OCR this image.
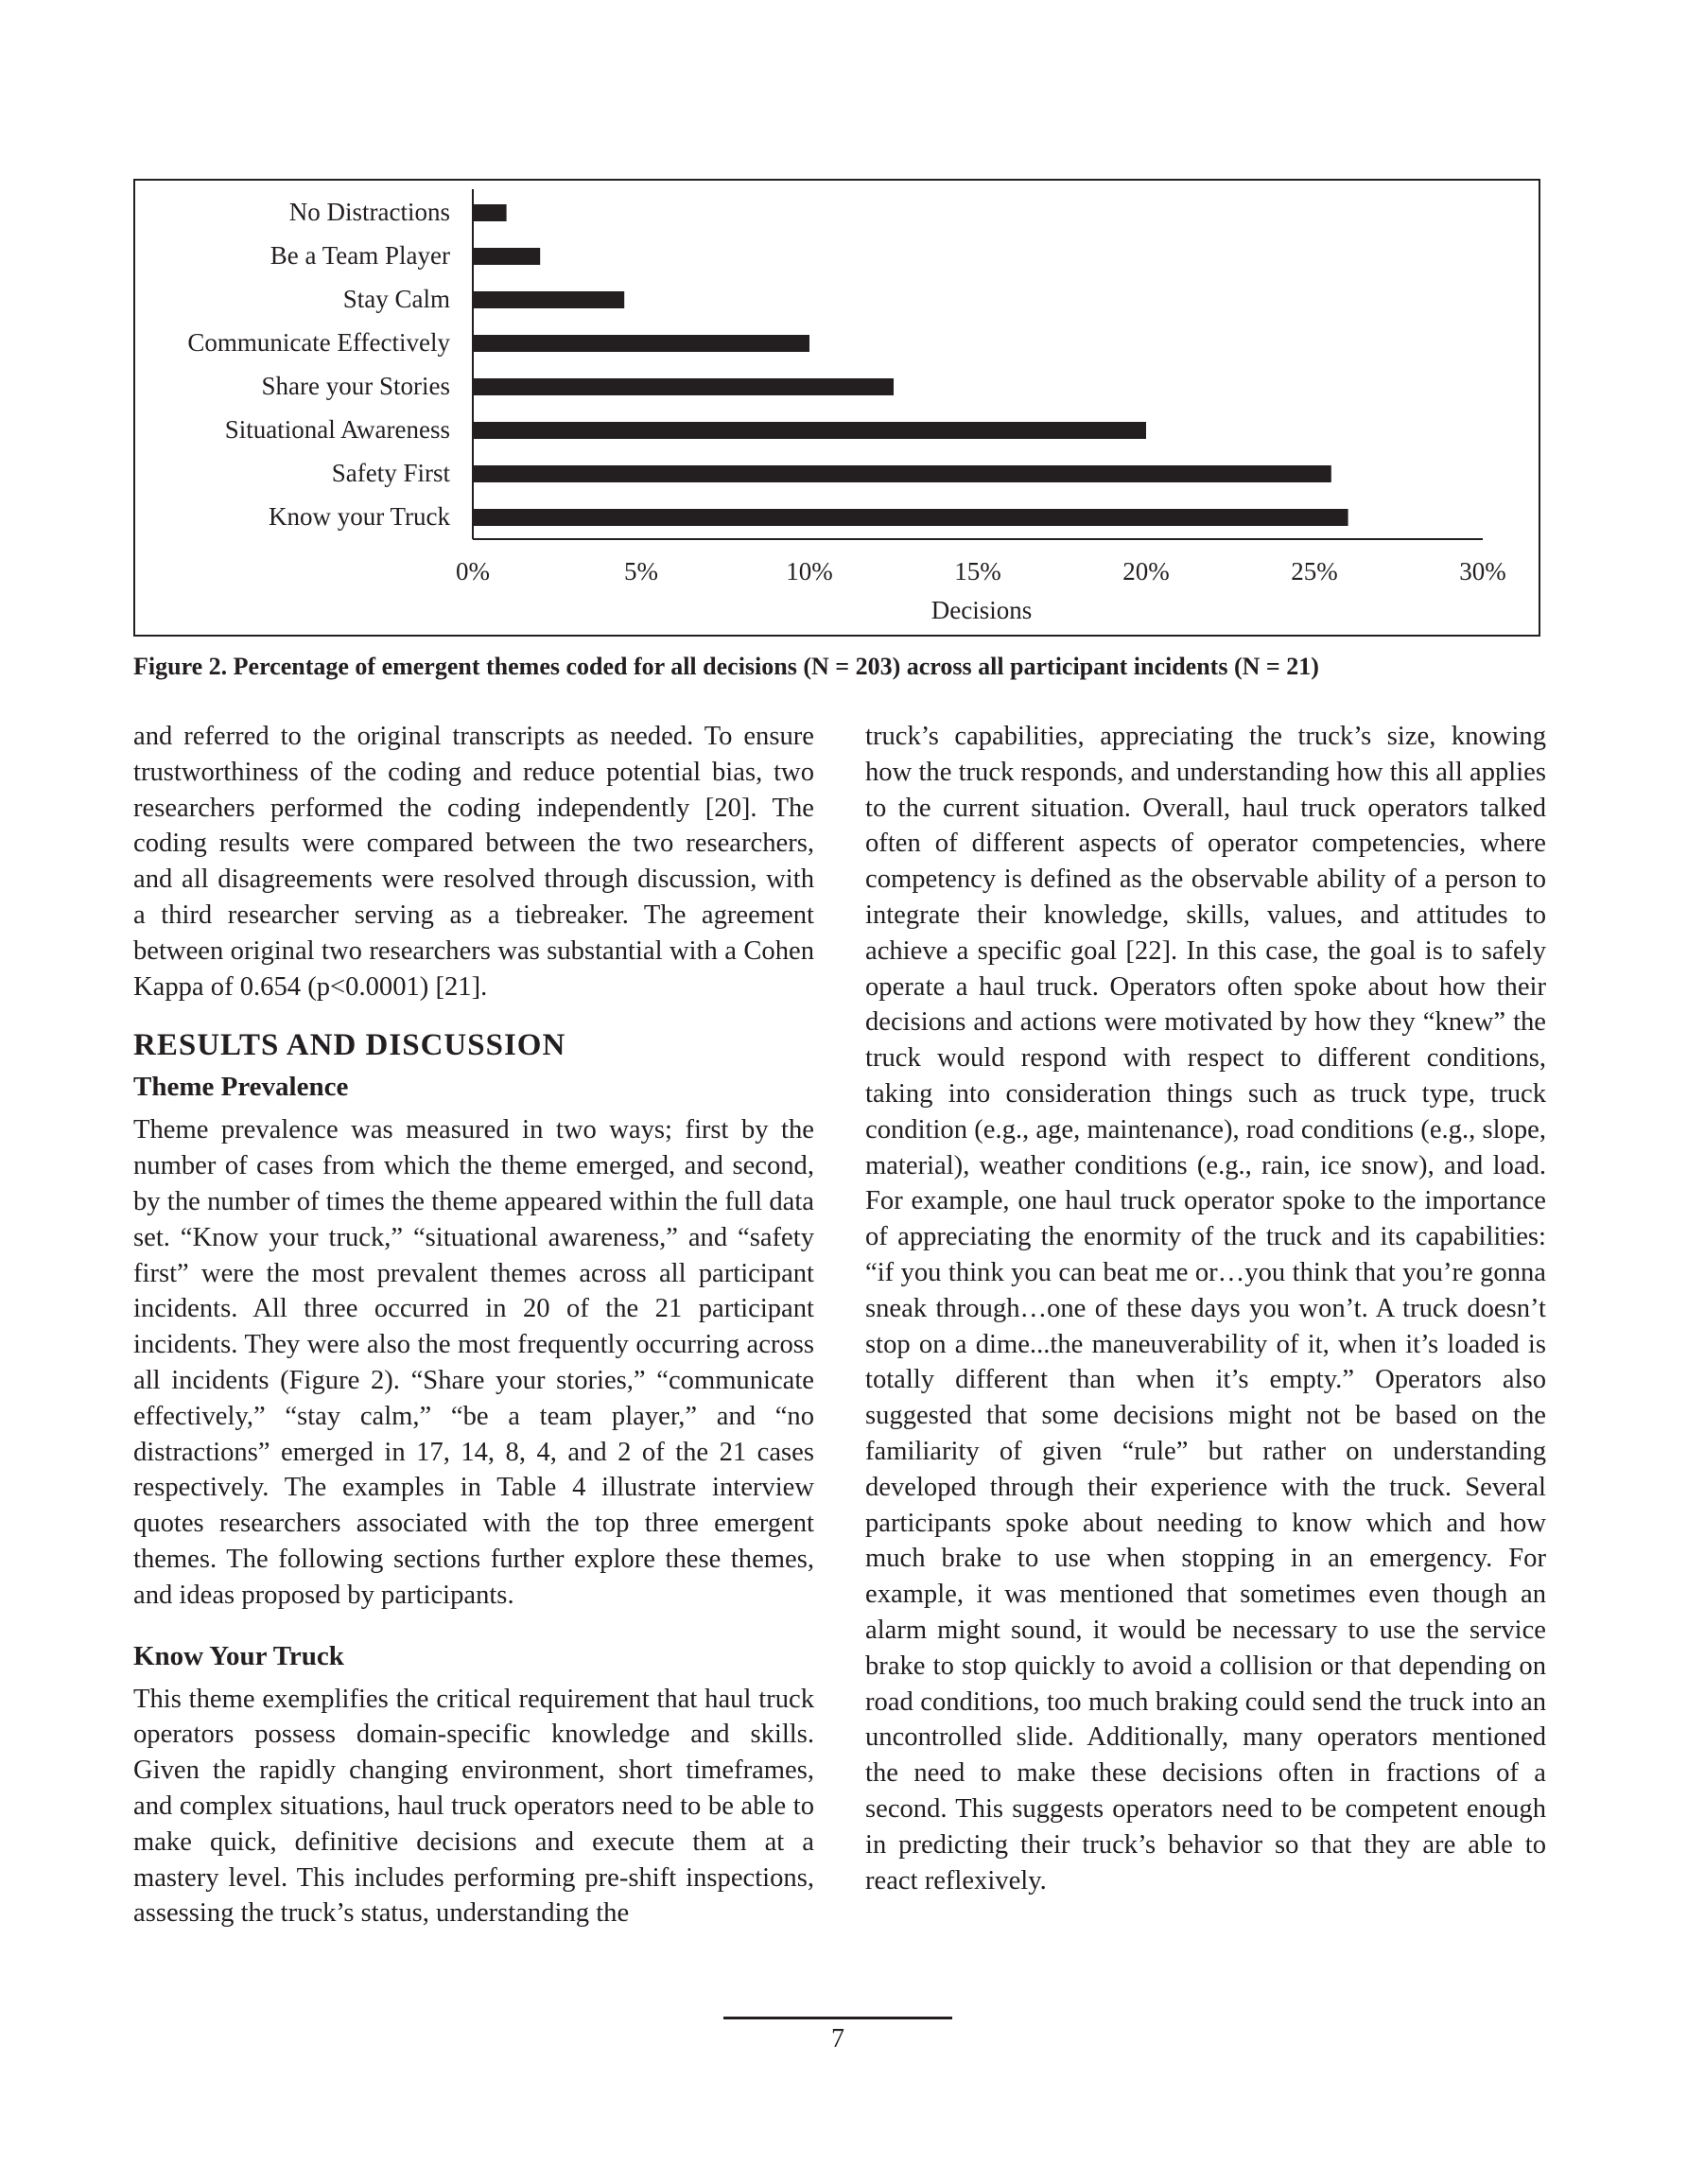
No Distractions
Be a Team Player
Stay Calm
Communicate Effectively
Share your Stories
Situational Awareness
Safety First
Know your Truck
0%	5%	10%	15%	20%	25%	30%
Decisions
Figure 2. Percentage of emergent themes coded for all decisions (N = 203) across all participant incidents (N = 21)

and referred to the original transcripts as needed. To ensure trustworthiness of the coding and reduce potential bias, two researchers performed the coding independently [20]. The coding results were compared between the two researchers, and all disagreements were resolved through discussion, with a third researcher serving as a tiebreaker. The agreement between original two researchers was substantial with a Cohen Kappa of 0.654 (p<0.0001) [21].

RESULTS AND DISCUSSION
Theme Prevalence

Theme prevalence was measured in two ways; first by the number of cases from which the theme emerged, and second, by the number of times the theme appeared within the full data set. “Know your truck,” “situational awareness,” and “safety first” were the most prevalent themes across all participant incidents. All three occurred in 20 of the 21 participant incidents. They were also the most frequently occurring across all incidents (Figure 2). “Share your stories,” “communicate effectively,” “stay calm,” “be a team player,” and “no distractions” emerged in 17, 14, 8, 4, and 2 of the 21 cases respectively. The examples in Table 4 illustrate interview quotes researchers associated with the top three emergent themes. The following sections further explore these themes, and ideas proposed by participants.

Know Your Truck

This theme exemplifies the critical requirement that haul truck operators possess domain-specific knowledge and skills. Given the rapidly changing environment, short timeframes, and complex situations, haul truck operators need to be able to make quick, definitive decisions and execute them at a mastery level. This includes performing pre-shift inspections, assessing the truck’s status, understanding the

truck’s capabilities, appreciating the truck’s size, knowing how the truck responds, and understanding how this all applies to the current situation. Overall, haul truck operators talked often of different aspects of operator competencies, where competency is defined as the observable ability of a person to integrate their knowledge, skills, values, and attitudes to achieve a specific goal [22]. In this case, the goal is to safely operate a haul truck. Operators often spoke about how their decisions and actions were motivated by how they “knew” the truck would respond with respect to different conditions, taking into consideration things such as truck type, truck condition (e.g., age, maintenance), road conditions (e.g., slope, material), weather conditions (e.g., rain, ice snow), and load. For example, one haul truck operator spoke to the importance of appreciating the enormity of the truck and its capabilities: “if you think you can beat me or…you think that you’re gonna sneak through…one of these days you won’t. A truck doesn’t stop on a dime...the maneuverability of it, when it’s loaded is totally different than when it’s empty.” Operators also suggested that some decisions might not be based on the familiarity of given “rule” but rather on understanding developed through their experience with the truck. Several participants spoke about needing to know which and how much brake to use when stopping in an emergency. For example, it was mentioned that sometimes even though an alarm might sound, it would be necessary to use the service brake to stop quickly to avoid a collision or that depending on road conditions, too much braking could send the truck into an uncontrolled slide. Additionally, many operators mentioned the need to make these decisions often in fractions of a second. This suggests operators need to be competent enough in predicting their truck’s behavior so that they are able to react reflexively.

7
